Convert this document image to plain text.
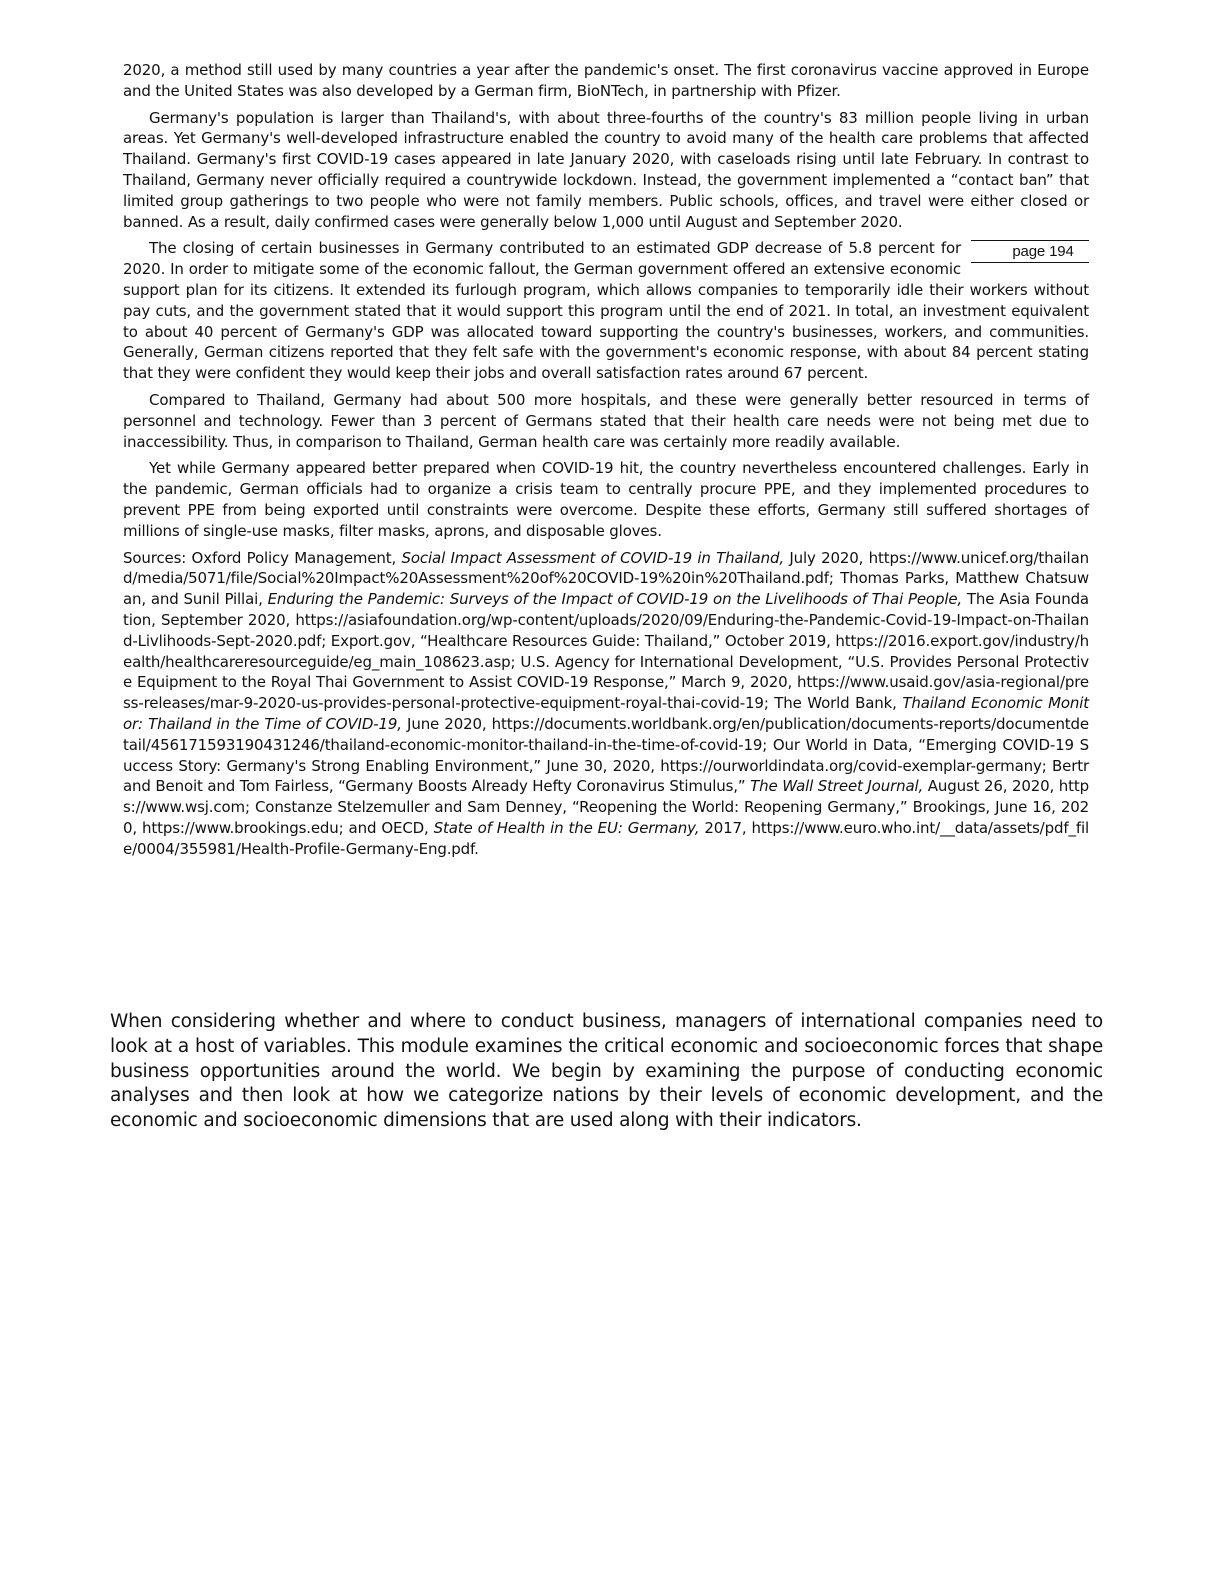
2020, a method still used by many countries a year after the pandemic's onset. The first coronavirus vaccine approved in Europe and the United States was also developed by a German firm, BioNTech, in partnership with Pfizer.

Germany's population is larger than Thailand's, with about three-fourths of the country's 83 million people living in urban areas. Yet Germany's well-developed infrastructure enabled the country to avoid many of the health care problems that affected Thailand. Germany's first COVID-19 cases appeared in late January 2020, with caseloads rising until late February. In contrast to Thailand, Germany never officially required a countrywide lockdown. Instead, the government implemented a “contact ban” that limited group gatherings to two people who were not family members. Public schools, offices, and travel were either closed or banned. As a result, daily confirmed cases were generally below 1,000 until August and September 2020.

page 194
The closing of certain businesses in Germany contributed to an estimated GDP decrease of 5.8 percent for 2020. In order to mitigate some of the economic fallout, the German government offered an extensive economic support plan for its citizens. It extended its furlough program, which allows companies to temporarily idle their workers without pay cuts, and the government stated that it would support this program until the end of 2021. In total, an investment equivalent to about 40 percent of Germany's GDP was allocated toward supporting the country's businesses, workers, and communities. Generally, German citizens reported that they felt safe with the government's economic response, with about 84 percent stating that they were confident they would keep their jobs and overall satisfaction rates around 67 percent.

Compared to Thailand, Germany had about 500 more hospitals, and these were generally better resourced in terms of personnel and technology. Fewer than 3 percent of Germans stated that their health care needs were not being met due to inaccessibility. Thus, in comparison to Thailand, German health care was certainly more readily available.

Yet while Germany appeared better prepared when COVID-19 hit, the country nevertheless encountered challenges. Early in the pandemic, German officials had to organize a crisis team to centrally procure PPE, and they implemented procedures to prevent PPE from being exported until constraints were overcome. Despite these efforts, Germany still suffered shortages of millions of single-use masks, filter masks, aprons, and disposable gloves.

Sources: Oxford Policy Management, Social Impact Assessment of COVID-19 in Thailand, July 2020, https://www.unicef.org/thailand/media/5071/file/Social%20Impact%20Assessment%20of%20COVID-19%20in%20Thailand.pdf; Thomas Parks, Matthew Chatsuwan, and Sunil Pillai, Enduring the Pandemic: Surveys of the Impact of COVID-19 on the Livelihoods of Thai People, The Asia Foundation, September 2020, https://asiafoundation.org/wp-content/uploads/2020/09/Enduring-the-Pandemic-Covid-19-Impact-on-Thailand-Livlihoods-Sept-2020.pdf; Export.gov, “Healthcare Resources Guide: Thailand,” October 2019, https://2016.export.gov/industry/health/healthcareresourceguide/eg_main_108623.asp; U.S. Agency for International Development, “U.S. Provides Personal Protective Equipment to the Royal Thai Government to Assist COVID-19 Response,” March 9, 2020, https://www.usaid.gov/asia-regional/press-releases/mar-9-2020-us-provides-personal-protective-equipment-royal-thai-covid-19; The World Bank, Thailand Economic Monitor: Thailand in the Time of COVID-19, June 2020, https://documents.worldbank.org/en/publication/documents-reports/documentdetail/456171593190431246/thailand-economic-monitor-thailand-in-the-time-of-covid-19; Our World in Data, “Emerging COVID-19 Success Story: Germany's Strong Enabling Environment,” June 30, 2020, https://ourworldindata.org/covid-exemplar-germany; Bertrand Benoit and Tom Fairless, “Germany Boosts Already Hefty Coronavirus Stimulus,” The Wall Street Journal, August 26, 2020, https://www.wsj.com; Constanze Stelzemuller and Sam Denney, “Reopening the World: Reopening Germany,” Brookings, June 16, 2020, https://www.brookings.edu; and OECD, State of Health in the EU: Germany, 2017, https://www.euro.who.int/__data/assets/pdf_file/0004/355981/Health-Profile-Germany-Eng.pdf.

When considering whether and where to conduct business, managers of international companies need to look at a host of variables. This module examines the critical economic and socioeconomic forces that shape business opportunities around the world. We begin by examining the purpose of conducting economic analyses and then look at how we categorize nations by their levels of economic development, and the economic and socioeconomic dimensions that are used along with their indicators.
